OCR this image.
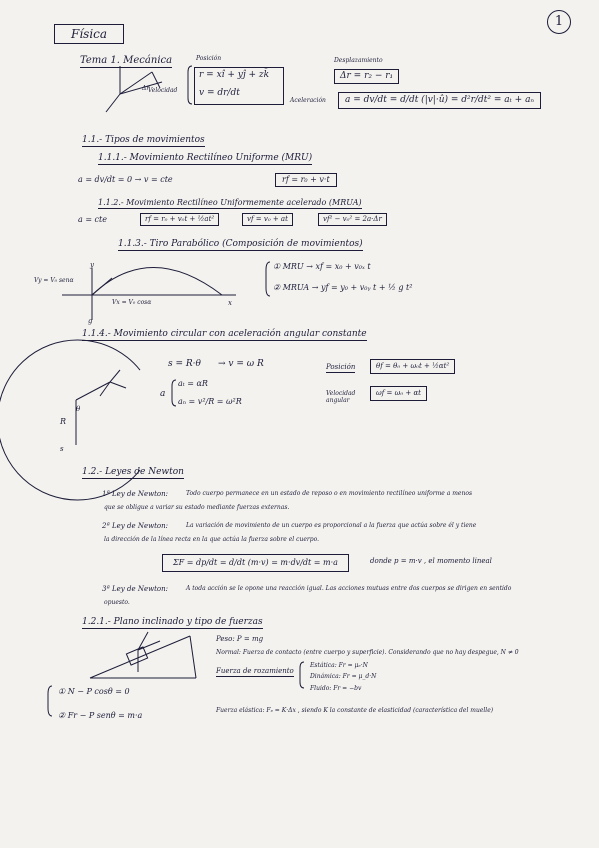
1
Física
Tema 1. Mecánica	Posición	Desplazamiento
r = xî + yĵ + zk̂
v = dr/dt
Velocidad
Δr = r₂ − r₁
Aceleración	a = dv/dt = d/dt (|v|·û) = d²r/dt² = aₜ + aₙ
Δr
1.1.- Tipos de movimientos
1.1.1.- Movimiento Rectilíneo Uniforme (MRU)
a = dv/dt = 0 → v = cte	rf = r₀ + v·t
1.1.2.- Movimiento Rectilíneo Uniformemente acelerado (MRUA)
a = cte	rf = r₀ + v₀t + ½at²	vf = v₀ + at	vf² − v₀² = 2a·Δr
1.1.3.- Tiro Parabólico (Composición de movimientos)
Vy = V₀ senα
Vx = V₀ cosα
y
x
g
① MRU → xf = x₀ + v₀ₓ t
② MRUA → yf = y₀ + v₀ᵧ t + ½ g t²
1.1.4.- Movimiento circular con aceleración angular constante
s = R·θ → v = ω R
a
aₜ = αR
aₙ = v²/R = ω²R
Posición	θf = θ₀ + ω₀t + ½αt²
Velocidad angular
ωf = ω₀ + αt
R
θ
s
1.2.- Leyes de Newton
1ª Ley de Newton:	Todo cuerpo permanece en un estado de reposo o en movimiento rectilíneo uniforme a menos
que se obligue a variar su estado mediante fuerzas externas.
2ª Ley de Newton:	La variación de movimiento de un cuerpo es proporcional a la fuerza que actúa sobre él y tiene
la dirección de la línea recta en la que actúa la fuerza sobre el cuerpo.
ΣF = dp/dt = d/dt (m·v) = m·dv/dt = m·a	donde p = m·v , el momento lineal
3ª Ley de Newton:	A toda acción se le opone una reacción igual. Las acciones mutuas entre dos cuerpos se dirigen en sentido
opuesto.
1.2.1.- Plano inclinado y tipo de fuerzas
Peso: P = mg
Normal: Fuerza de contacto (entre cuerpo y superficie). Considerando que no hay despegue, N ≠ 0
Fuerza de rozamiento
Estática: Fr = μₑ·N
Dinámica: Fr = μ_d·N
Fluido: Fr = −bv
Fuerza elástica: Fₑ = K·Δx , siendo K la constante de elasticidad (característica del muelle)
① N − P cosθ = 0
② Fr − P senθ = m·a
